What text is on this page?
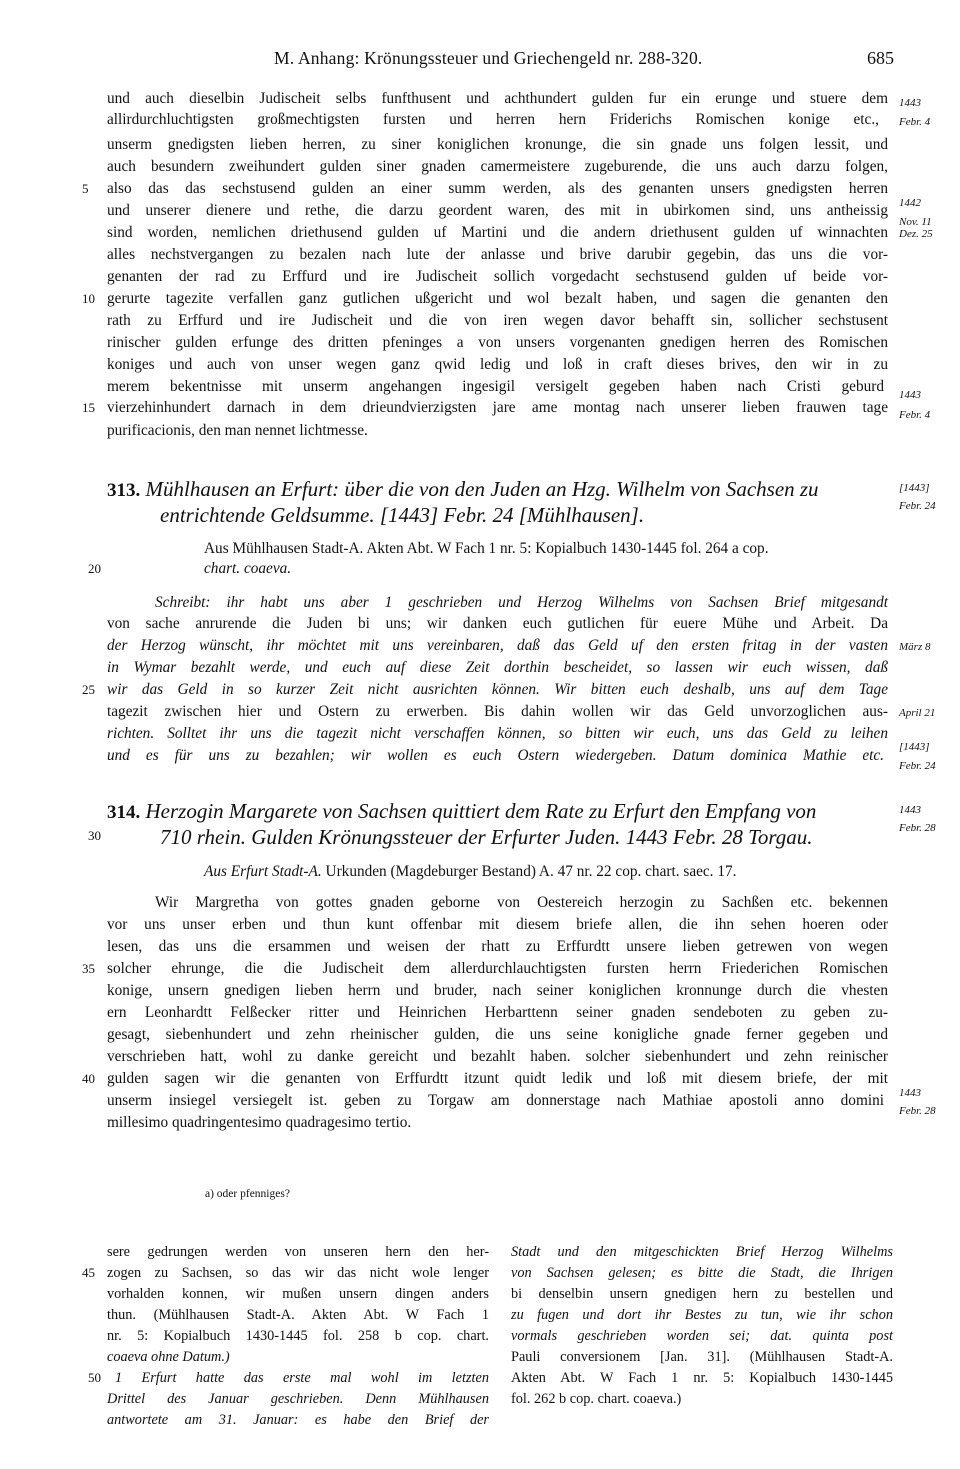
M. Anhang: Krönungssteuer und Griechengeld nr. 288-320.	685
und auch dieselbin Judischeit selbs funfthusent und achthundert gulden fur ein erunge und stuere dem
allirdurchluchtigsten großmechtigsten fursten und herren hern Friderichs Romischen konige etc.,
unserm gnedigsten lieben herren, zu siner koniglichen kronunge, die sin gnade uns folgen lessit, und
auch besundern zweihundert gulden siner gnaden camermeistere zugeburende, die uns auch darzu folgen,
also das das sechstusend gulden an einer summ werden, als des genanten unsers gnedigsten herren
und unserer dienere und rethe, die darzu geordent waren, des mit in ubirkomen sind, uns antheissig
sind worden, nemlichen driethusend gulden uf Martini und die andern driethusent gulden uf winnachten
alles nechstvergangen zu bezalen nach lute der anlasse und brive darubir gegebin, das uns die vor-
genanten der rad zu Erffurd und ire Judischeit sollich vorgedacht sechstusend gulden uf beide vor-
gerurte tagezite verfallen ganz gutlichen ußgericht und wol bezalt haben, und sagen die genanten den
rath zu Erffurd und ire Judischeit und die von iren wegen davor behafft sin, sollicher sechstusent
rinischer gulden erfunge des dritten pfeninges a von unsers vorgenanten gnedigen herren des Romischen
koniges und auch von unser wegen ganz qwid ledig und loß in craft dieses brives, den wir in zu
merem bekentnisse mit unserm angehangen ingesigil versigelt gegeben haben nach Cristi geburd
vierzehinhundert darnach in dem drieundvierzigsten jare ame montag nach unserer lieben frauwen tage
purificacionis, den man nennet lichtmesse.
1443
Febr. 4
1442
Nov. 11
Dez. 25
1443
Febr. 4
313. Mühlhausen an Erfurt: über die von den Juden an Hzg. Wilhelm von Sachsen zu
entrichtende Geldsumme. [1443] Febr. 24 [Mühlhausen].
[1443]
Febr. 24
Aus Mühlhausen Stadt-A. Akten Abt. W Fach 1 nr. 5: Kopialbuch 1430-1445 fol. 264 a cop.
chart. coaeva.
Schreibt: ihr habt uns aber 1 geschrieben und Herzog Wilhelms von Sachsen Brief mitgesandt
von sache anrurende die Juden bi uns; wir danken euch gutlichen für euere Mühe und Arbeit. Da
der Herzog wünscht, ihr möchtet mit uns vereinbaren, daß das Geld uf den ersten fritag in der vasten
in Wymar bezahlt werde, und euch auf diese Zeit dorthin bescheidet, so lassen wir euch wissen, daß
wir das Geld in so kurzer Zeit nicht ausrichten können. Wir bitten euch deshalb, uns auf dem Tage
tagezit zwischen hier und Ostern zu erwerben. Bis dahin wollen wir das Geld unvorzoglichen aus-
richten. Solltet ihr uns die tagezit nicht verschaffen können, so bitten wir euch, uns das Geld zu leihen
und es für uns zu bezahlen; wir wollen es euch Ostern wiedergeben. Datum dominica Mathie etc.
März 8
April 21
[1443]
Febr. 24
314. Herzogin Margarete von Sachsen quittiert dem Rate zu Erfurt den Empfang von
710 rhein. Gulden Krönungssteuer der Erfurter Juden. 1443 Febr. 28 Torgau.
1443
Febr. 28
Aus Erfurt Stadt-A. Urkunden (Magdeburger Bestand) A. 47 nr. 22 cop. chart. saec. 17.
Wir Margretha von gottes gnaden geborne von Oestereich herzogin zu Sachßen etc. bekennen
vor uns unser erben und thun kunt offenbar mit diesem briefe allen, die ihn sehen hoeren oder
lesen, das uns die ersammen und weisen der rhatt zu Erffurdtt unsere lieben getrewen von wegen
solcher ehrunge, die die Judischeit dem allerdurchlauchtigsten fursten herrn Friederichen Romischen
konige, unsern gnedigen lieben herrn und bruder, nach seiner koniglichen kronnunge durch die vhesten
ern Leonhardtt Felßecker ritter und Heinrichen Herbarttenn seiner gnaden sendeboten zu geben zu-
gesagt, siebenhundert und zehn rheinischer gulden, die uns seine konigliche gnade ferner gegeben und
verschrieben hatt, wohl zu danke gereicht und bezahlt haben. solcher siebenhundert und zehn reinischer
gulden sagen wir die genanten von Erffurdtt itzunt quidt ledik und loß mit diesem briefe, der mit
unserm insiegel versiegelt ist. geben zu Torgaw am donnerstage nach Mathiae apostoli anno domini
millesimo quadringentesimo quadragesimo tertio.
1443
Febr. 28
a) oder pfenniges?
sere gedrungen werden von unseren hern den her-
zogen zu Sachsen, so das wir das nicht wole lenger
vorhalden konnen, wir mußen unsern dingen anders
thun. (Mühlhausen Stadt-A. Akten Abt. W Fach 1
nr. 5: Kopialbuch 1430-1445 fol. 258 b cop. chart.
coaeva ohne Datum.)
1 Erfurt hatte das erste mal wohl im letzten
Drittel des Januar geschrieben. Denn Mühlhausen
antwortete am 31. Januar: es habe den Brief der
Stadt und den mitgeschickten Brief Herzog Wilhelms
von Sachsen gelesen; es bitte die Stadt, die Ihrigen
bi denselbin unsern gnedigen hern zu bestellen und
zu fugen und dort ihr Bestes zu tun, wie ihr schon
vormals geschrieben worden sei; dat. quinta post
Pauli conversionem [Jan. 31]. (Mühlhausen Stadt-A.
Akten Abt. W Fach 1 nr. 5: Kopialbuch 1430-1445
fol. 262 b cop. chart. coaeva.)
5
10
15
20
25
30
35
40
45
50
